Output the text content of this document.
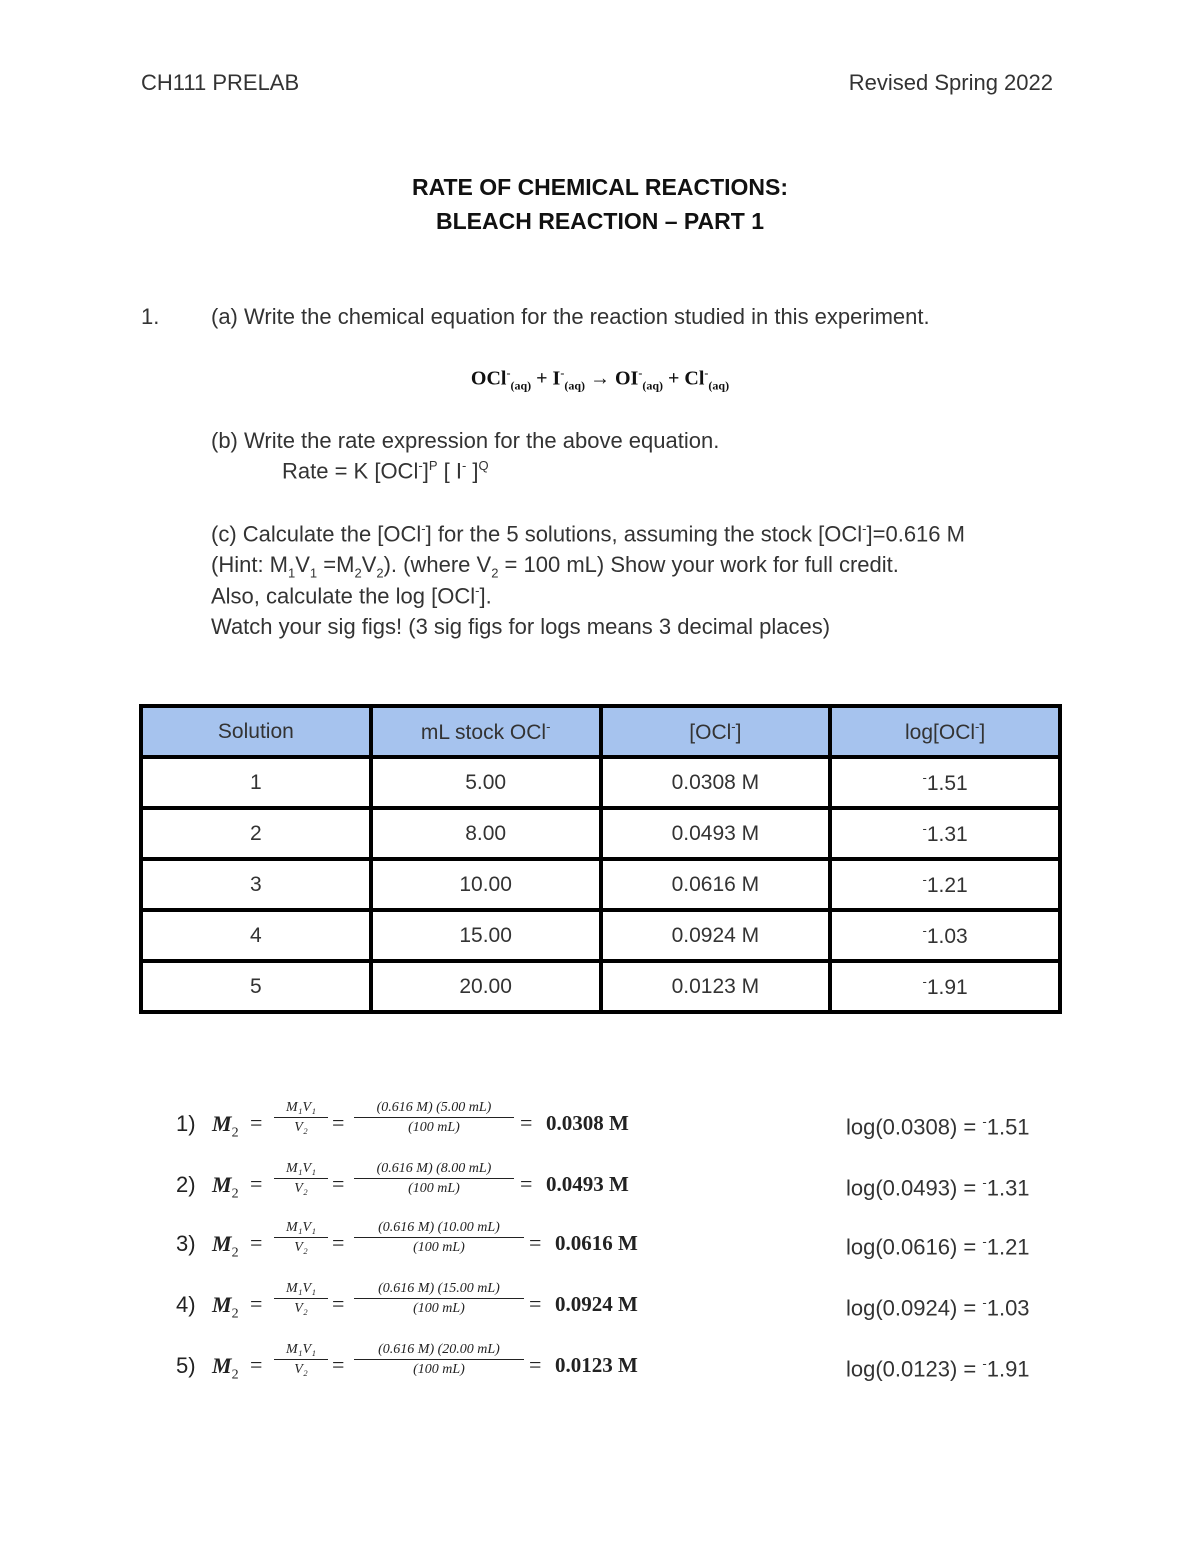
CH111 PRELAB	Revised Spring 2022
RATE OF CHEMICAL REACTIONS:
BLEACH REACTION – PART 1
1. (a) Write the chemical equation for the reaction studied in this experiment.
$OCl^-_{(aq)} + I^-_{(aq)} \to OI^-_{(aq)} + Cl^-_{(aq)}$
(b) Write the rate expression for the above equation.
Rate = K $[OCl^-]^P$ [ I- ]$^Q$
(c) Calculate the [OCl-] for the 5 solutions, assuming the stock [OCl-]=0.616 M
(Hint: $M_1V_1 =M_2V_2$). (where $V_2 = 100$ mL) Show your work for full credit.
Also, calculate the log [OCl-].
Watch your sig figs! (3 sig figs for logs means 3 decimal places)
Solution	mL stock OCl-	[OCl-]	log[OCl-]
1	5.00	0.0308 M	-1.51
2	8.00	0.0493 M	-1.31
3	10.00	0.0616 M	-1.21
4	15.00	0.0924 M	-1.03
5	20.00	0.0123 M	-1.91
1) $M_2 = \frac{\text{M₁V₁}}{\text{V₂}} = \frac{(0.616 M) (5.00 mL)}{(100 mL)} = 0.0308$ M	log(0.0308) = -1.51
2) $M_2 = \frac{\text{M₁V₁}}{\text{V₂}} = \frac{(0.616 M) (8.00 mL)}{(100 mL)} = 0.0493$ M	log(0.0493) = -1.31
3) $M_2 = \frac{\text{M₁V₁}}{\text{V₂}} = \frac{(0.616 M) (10.00 mL)}{(100 mL)} = 0.0616$ M	log(0.0616) = -1.21
4) $M_2 = \frac{\text{M₁V₁}}{\text{V₂}} = \frac{(0.616 M) (15.00 mL)}{(100 mL)} = 0.0924$ M	log(0.0924) = -1.03
5) $M_2 = \frac{\text{M₁V₁}}{\text{V₂}} = \frac{(0.616 M) (20.00 mL)}{(100 mL)} = 0.0123$ M	log(0.0123) = -1.91
